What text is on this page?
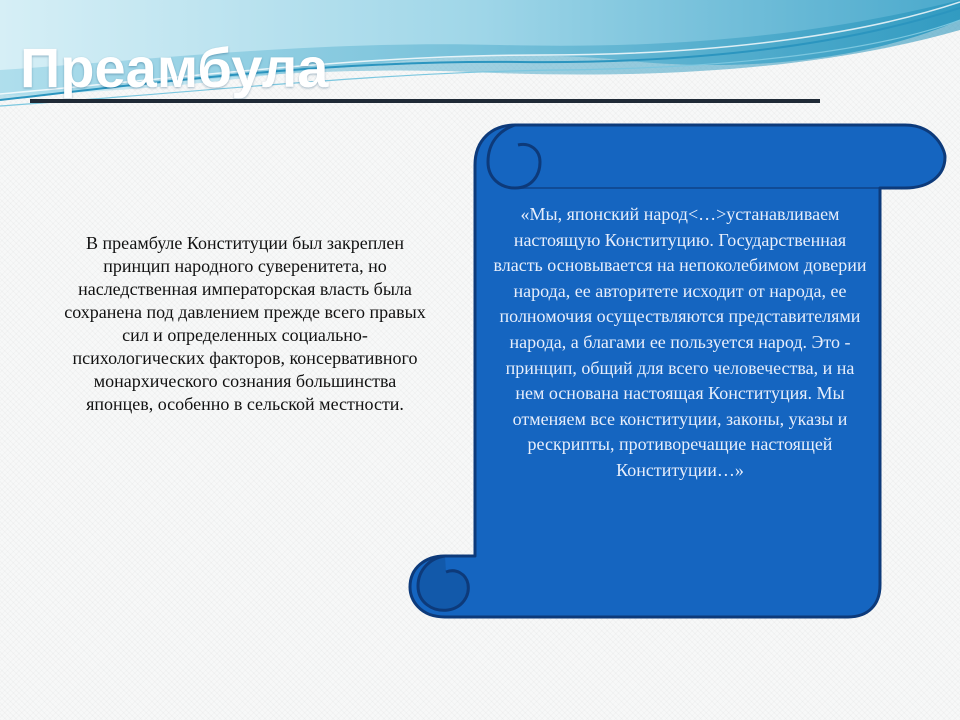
Преамбула
В преамбуле Конституции был закреплен принцип народного суверенитета, но наследственная императорская власть была сохранена под давлением прежде всего правых сил и определенных социально-психологических факторов, консервативного монархического сознания большинства японцев, особенно в сельской местности.
«Мы, японский народ<…>устанавливаем настоящую Конституцию. Государственная власть основывается на непоколебимом доверии народа, ее авторитете исходит от народа, ее полномочия осуществляются представителями народа, а благами ее пользуется народ. Это - принцип, общий для всего человечества, и на нем основана настоящая Конституция. Мы отменяем все конституции, законы, указы и рескрипты, противоречащие настоящей Конституции…»
